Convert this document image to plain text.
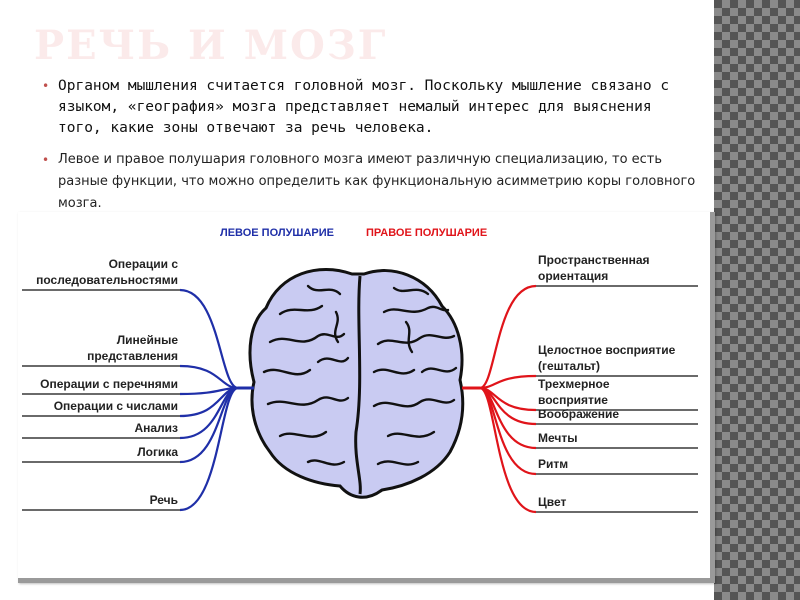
РЕЧЬ И МОЗГ

• Органом мышления считается головной мозг. Поскольку мышление связано с языком, «география» мозга представляет немалый интерес для выяснения того, какие зоны отвечают за речь человека.

• Левое и правое полушария головного мозга имеют различную специализацию, то есть разные функции, что можно определить как функциональную асимметрию коры головного мозга.

ЛЕВОЕ ПОЛУШАРИЕ	ПРАВОЕ ПОЛУШАРИЕ
Операции с
последовательностями
Линейные
представления
Операции с перечнями
Операции с числами
Анализ
Логика
Речь
Пространственная
ориентация
Целостное восприятие
(гештальт)
Трехмерное
восприятие
Воображение
Мечты
Ритм
Цвет
